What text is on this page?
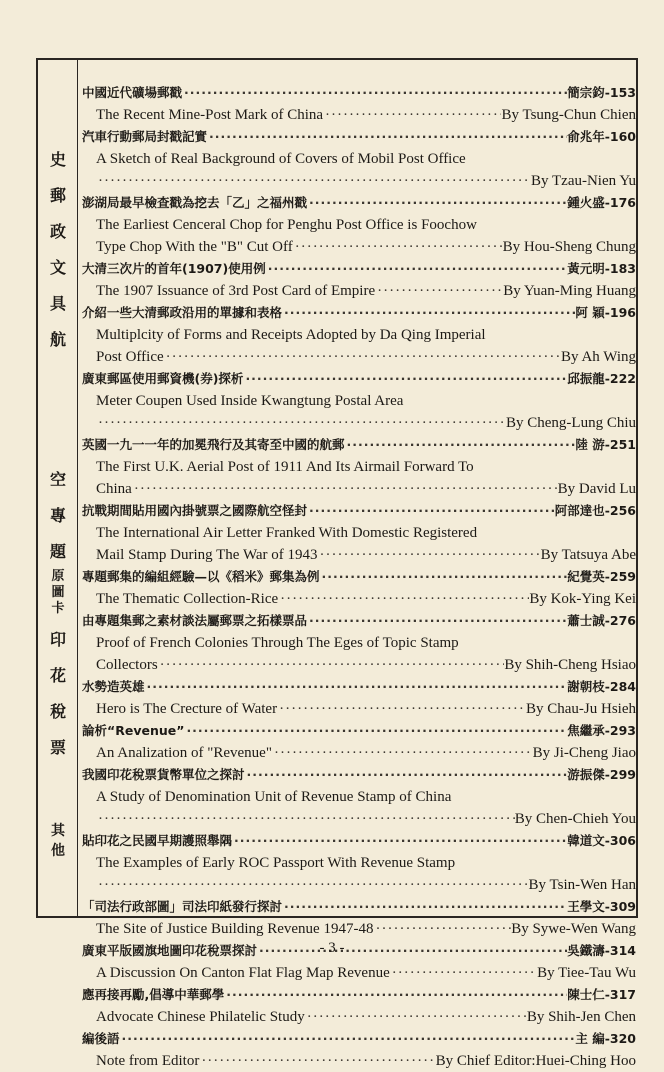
史
郵
政
文
具
航
空
專
題
原
圖
卡
印
花
稅
票
其
他
中國近代礦場郵戳 ·····	簡宗鈞-153
The Recent Mine-Post Mark of China ·····	By Tsung-Chun Chien
汽車行動郵局封戳記實 ·····	俞兆年-160
A Sketch of Real Background of Covers of Mobil Post Office
·····
By Tzau-Nien Yu
澎湖局最早檢查戳為挖去「乙」之福州戳 ·····	鍾火盛-176
The Earliest Cenceral Chop for Penghu Post Office is Foochow
Type Chop With the "B" Cut Off ·····	By Hou-Sheng Chung
大清三次片的首年(1907)使用例 ·····	黃元明-183
The 1907 Issuance of 3rd Post Card of Empire ·····	By Yuan-Ming Huang
介紹一些大清郵政沿用的單據和表格 ·····	阿 穎-196
Multiplcity of Forms and Receipts Adopted by Da Qing Imperial
Post Office ·····	By Ah Wing
廣東郵區使用郵資機(券)探析 ·····	邱振龍-222
Meter Coupen Used Inside Kwangtung Postal Area
·····
By Cheng-Lung Chiu
英國一九一一年的加冕飛行及其寄至中國的航郵 ·····	陸 游-251
The First U.K. Aerial Post of 1911 And Its Airmail Forward To
China ·····	By David Lu
抗戰期間貼用國內掛號票之國際航空怪封 ·····	阿部達也-256
The International Air Letter Franked With Domestic Registered
Mail Stamp During The War of 1943 ·····	By Tatsuya Abe
專題郵集的編組經驗—以《稻米》郵集為例 ·····	紀覺英-259
The Thematic Collection-Rice ·····	By Kok-Ying Kei
由專題集郵之素材談法屬郵票之拓樣票品 ·····	蕭士誠-276
Proof of French Colonies Through The Eges of Topic Stamp
Collectors ·····	By Shih-Cheng Hsiao
水勢造英雄 ·····	謝朝枝-284
Hero is The Crecture of Water ·····	By Chau-Ju Hsieh
論析“Revenue” ·····	焦繼承-293
An Analization of "Revenue" ·····	By Ji-Cheng Jiao
我國印花稅票貨幣單位之探討 ·····	游振傑-299
A Study of Denomination Unit of Revenue Stamp of China
·····
By Chen-Chieh You
貼印花之民國早期護照舉隅 ·····	韓道文-306
The Examples of Early ROC Passport With Revenue Stamp
·····
By Tsin-Wen Han
「司法行政部圖」司法印紙發行探討 ·····	王學文-309
The Site of Justice Building Revenue 1947-48 ·····	By Sywe-Wen Wang
廣東平版國旗地圖印花稅票探討 ·····	吳鐵濤-314
A Discussion On Canton Flat Flag Map Revenue ·····	By Tiee-Tau Wu
應再接再勵,倡導中華郵學 ·····	陳士仁-317
Advocate Chinese Philatelic Study ·····	By Shih-Jen Chen
編後語 ·····	主 編-320
Note from Editor ·····	By Chief Editor:Huei-Ching Hoo
- 3 -
